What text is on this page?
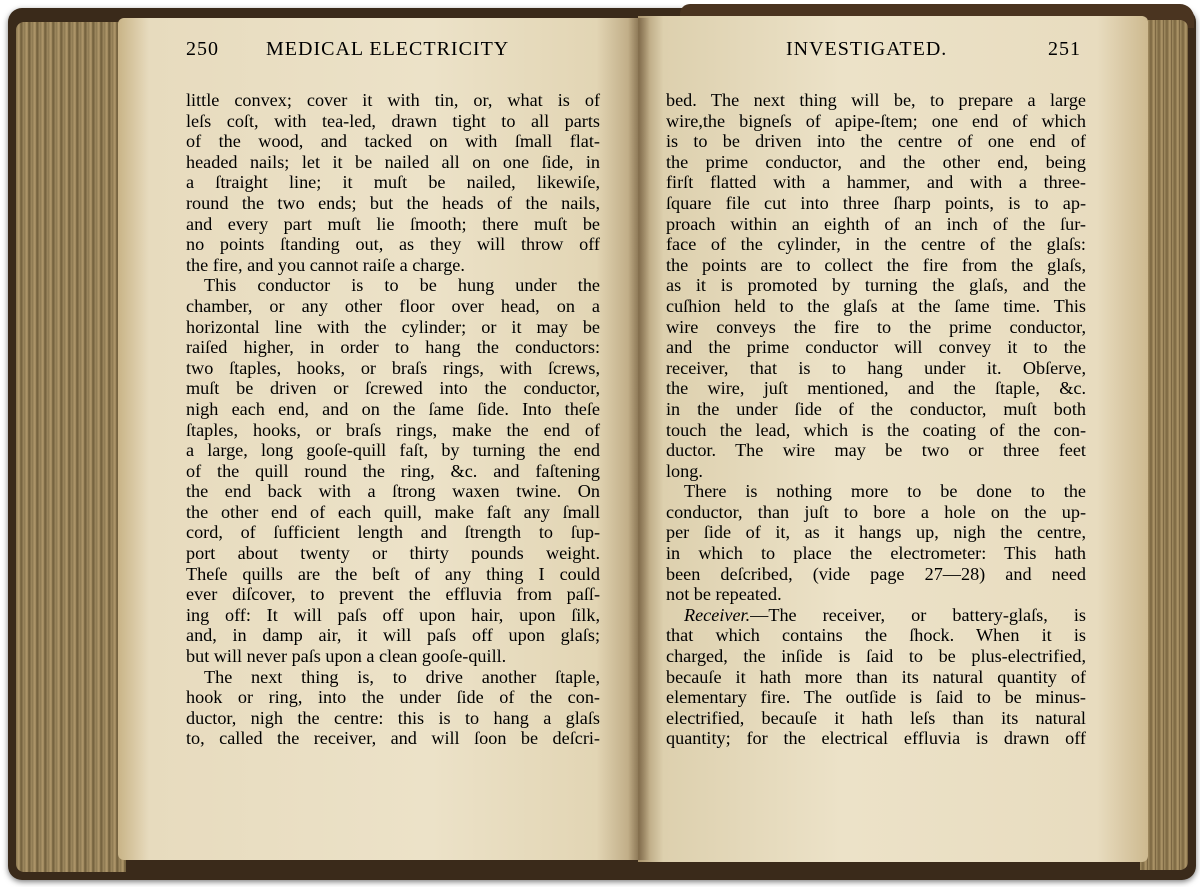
250 MEDICAL ELECTRICITY	INVESTIGATED.	251
little convex; cover it with tin, or, what is of
leſs coſt, with tea-led, drawn tight to all parts
of the wood, and tacked on with ſmall flat-
headed nails; let it be nailed all on one ſide, in
a ſtraight line; it muſt be nailed, likewiſe,
round the two ends; but the heads of the nails,
and every part muſt lie ſmooth; there muſt be
no points ſtanding out, as they will throw off
the fire, and you cannot raiſe a charge.
This conductor is to be hung under the
chamber, or any other floor over head, on a
horizontal line with the cylinder; or it may be
raiſed higher, in order to hang the conductors:
two ſtaples, hooks, or braſs rings, with ſcrews,
muſt be driven or ſcrewed into the conductor,
nigh each end, and on the ſame ſide. Into theſe
ſtaples, hooks, or braſs rings, make the end of
a large, long gooſe-quill faſt, by turning the end
of the quill round the ring, &c. and faſtening
the end back with a ſtrong waxen twine. On
the other end of each quill, make faſt any ſmall
cord, of ſufficient length and ſtrength to ſup-
port about twenty or thirty pounds weight.
Theſe quills are the beſt of any thing I could
ever diſcover, to prevent the effluvia from paſſ-
ing off: It will paſs off upon hair, upon ſilk,
and, in damp air, it will paſs off upon glaſs;
but will never paſs upon a clean gooſe-quill.
The next thing is, to drive another ſtaple,
hook or ring, into the under ſide of the con-
ductor, nigh the centre: this is to hang a glaſs
to, called the receiver, and will ſoon be deſcri-
bed. The next thing will be, to prepare a large
wire,the bigneſs of apipe-ſtem; one end of which
is to be driven into the centre of one end of
the prime conductor, and the other end, being
firſt flatted with a hammer, and with a three-
ſquare file cut into three ſharp points, is to ap-
proach within an eighth of an inch of the ſur-
face of the cylinder, in the centre of the glaſs:
the points are to collect the fire from the glaſs,
as it is promoted by turning the glaſs, and the
cuſhion held to the glaſs at the ſame time. This
wire conveys the fire to the prime conductor,
and the prime conductor will convey it to the
receiver, that is to hang under it. Obſerve,
the wire, juſt mentioned, and the ſtaple, &c.
in the under ſide of the conductor, muſt both
touch the lead, which is the coating of the con-
ductor. The wire may be two or three feet
long.
There is nothing more to be done to the
conductor, than juſt to bore a hole on the up-
per ſide of it, as it hangs up, nigh the centre,
in which to place the electrometer: This hath
been deſcribed, (vide page 27—28) and need
not be repeated.
Receiver.—The receiver, or battery-glaſs, is
that which contains the ſhock. When it is
charged, the inſide is ſaid to be plus-electrified,
becauſe it hath more than its natural quantity of
elementary fire. The outſide is ſaid to be minus-
electrified, becauſe it hath leſs than its natural
quantity; for the electrical effluvia is drawn off
